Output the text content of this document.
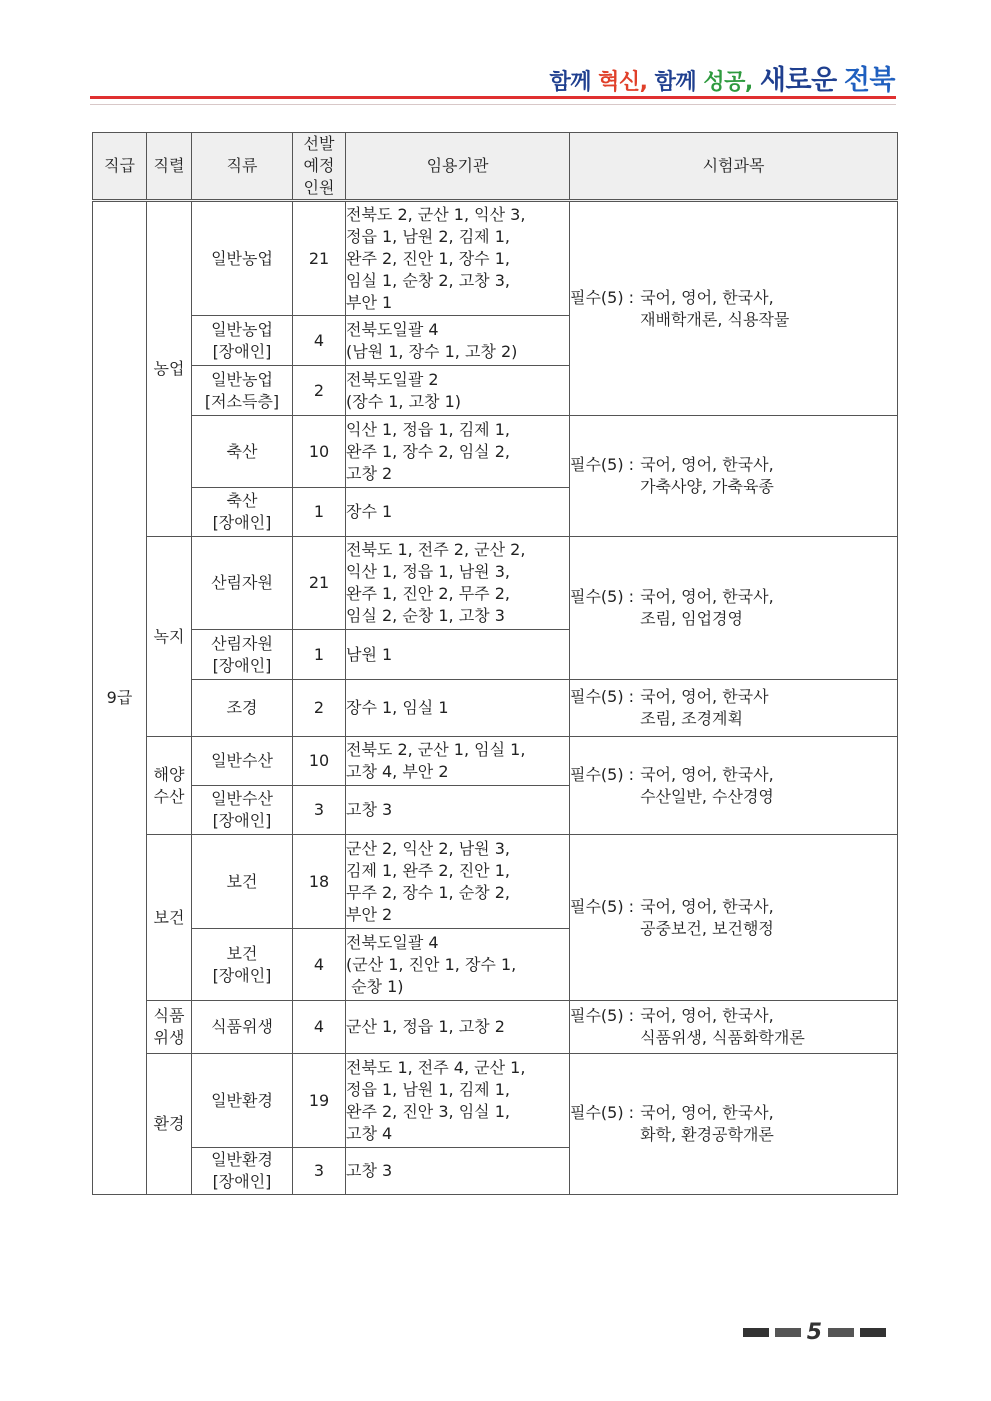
함께 혁신, 함께 성공, 새로운 전북
직급	직렬	직류	선발
예정
인원	임용기관	시험과목
9급	농업	일반농업	21	전북도 2, 군산 1, 익산 3,
정읍 1, 남원 2, 김제 1,
완주 2, 진안 1, 장수 1,
임실 1, 순창 2, 고창 3,
부안 1	필수(5) : 국어, 영어, 한국사,
재배학개론, 식용작물

		일반농업
[장애인]	4	전북도일괄 4
(남원 1, 장수 1, 고창 2)	

		일반농업
[저소득층]	2	전북도일괄 2
(장수 1, 고창 1)	

		축산	10	익산 1, 정읍 1, 김제 1,
완주 1, 장수 2, 임실 2,
고창 2	필수(5) : 국어, 영어, 한국사,
가축사양, 가축육종

		축산
[장애인]	1	장수 1	

	녹지	산림자원	21	전북도 1, 전주 2, 군산 2,
익산 1, 정읍 1, 남원 3,
완주 1, 진안 2, 무주 2,
임실 2, 순창 1, 고창 3	필수(5) : 국어, 영어, 한국사,
조림, 임업경영

		산림자원
[장애인]	1	남원 1	

		조경	2	장수 1, 임실 1	필수(5) : 국어, 영어, 한국사
조림, 조경계획

	해양
수산	일반수산	10	전북도 2, 군산 1, 임실 1,
고창 4, 부안 2	필수(5) : 국어, 영어, 한국사,
수산일반, 수산경영

		일반수산
[장애인]	3	고창 3	

	보건	보건	18	군산 2, 익산 2, 남원 3,
김제 1, 완주 2, 진안 1,
무주 2, 장수 1, 순창 2,
부안 2	필수(5) : 국어, 영어, 한국사,
공중보건, 보건행정

		보건
[장애인]	4	전북도일괄 4
(군산 1, 진안 1, 장수 1,
순창 1)	

	식품
위생	식품위생	4	군산 1, 정읍 1, 고창 2	필수(5) : 국어, 영어, 한국사,
식품위생, 식품화학개론

	환경	일반환경	19	전북도 1, 전주 4, 군산 1,
정읍 1, 남원 1, 김제 1,
완주 2, 진안 3, 임실 1,
고창 4	필수(5) : 국어, 영어, 한국사,
화학, 환경공학개론

		일반환경
[장애인]	3	고창 3	
5
